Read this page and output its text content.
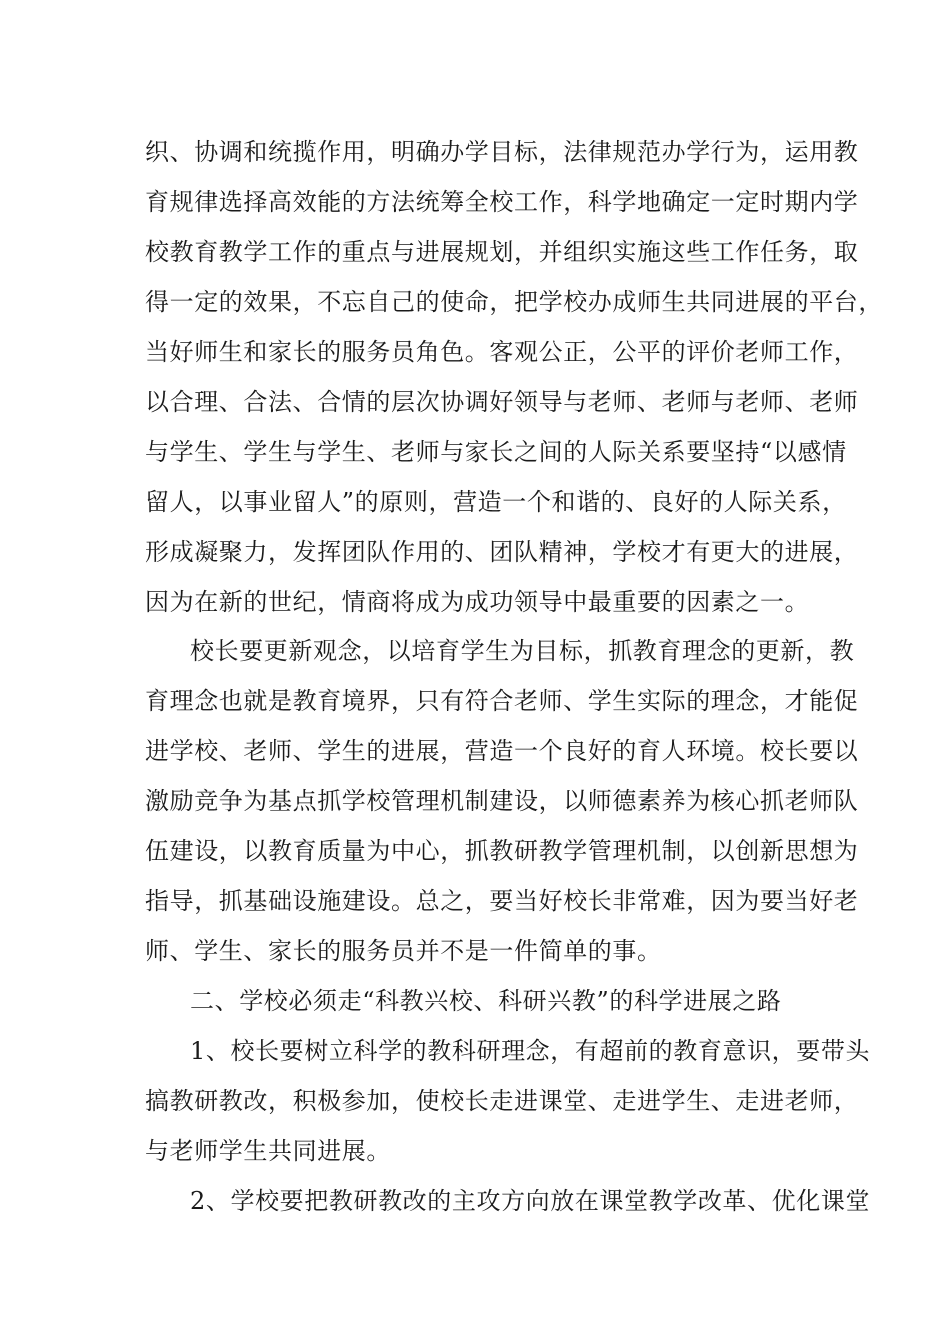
织、协调和统揽作用，明确办学目标，法律规范办学行为，运用教
育规律选择高效能的方法统筹全校工作，科学地确定一定时期内学
校教育教学工作的重点与进展规划，并组织实施这些工作任务，取
得一定的效果，不忘自己的使命，把学校办成师生共同进展的平台，
当好师生和家长的服务员角色。客观公正，公平的评价老师工作，
以合理、合法、合情的层次协调好领导与老师、老师与老师、老师
与学生、学生与学生、老师与家长之间的人际关系要坚持“以感情
留人，以事业留人”的原则，营造一个和谐的、良好的人际关系，
形成凝聚力，发挥团队作用的、团队精神，学校才有更大的进展，
因为在新的世纪，情商将成为成功领导中最重要的因素之一。
校长要更新观念，以培育学生为目标，抓教育理念的更新，教
育理念也就是教育境界，只有符合老师、学生实际的理念，才能促
进学校、老师、学生的进展，营造一个良好的育人环境。校长要以
激励竞争为基点抓学校管理机制建设，以师德素养为核心抓老师队
伍建设，以教育质量为中心，抓教研教学管理机制，以创新思想为
指导，抓基础设施建设。总之，要当好校长非常难，因为要当好老
师、学生、家长的服务员并不是一件简单的事。
二、学校必须走“科教兴校、科研兴教”的科学进展之路
1、校长要树立科学的教科研理念，有超前的教育意识，要带头
搞教研教改，积极参加，使校长走进课堂、走进学生、走进老师，
与老师学生共同进展。
2、学校要把教研教改的主攻方向放在课堂教学改革、优化课堂
